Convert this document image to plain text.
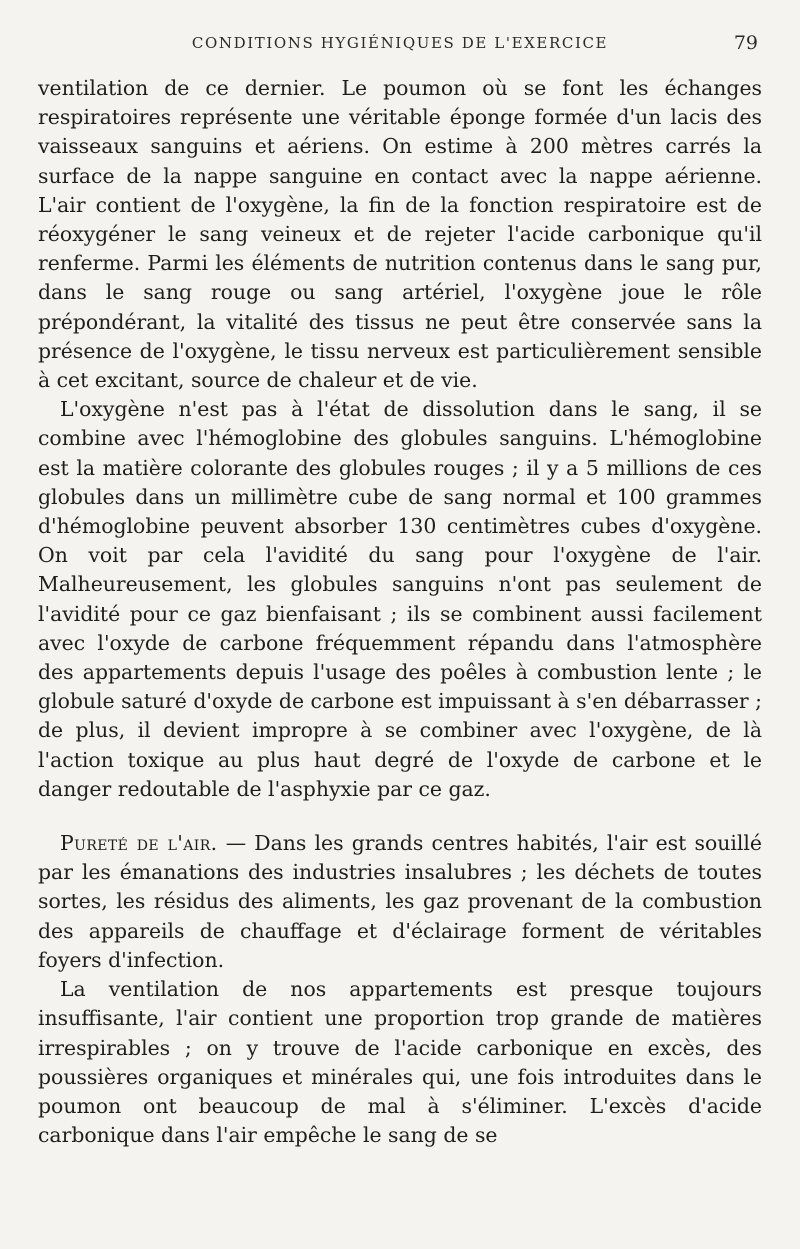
CONDITIONS HYGIÉNIQUES DE L'EXERCICE	79

ventilation de ce dernier. Le poumon où se font les échanges respiratoires représente une véritable éponge formée d'un lacis des vaisseaux sanguins et aériens. On estime à 200 mètres carrés la surface de la nappe sanguine en contact avec la nappe aérienne. L'air contient de l'oxygène, la fin de la fonction respiratoire est de réoxygéner le sang veineux et de rejeter l'acide carbonique qu'il renferme. Parmi les éléments de nutrition contenus dans le sang pur, dans le sang rouge ou sang artériel, l'oxygène joue le rôle prépondérant, la vitalité des tissus ne peut être conservée sans la présence de l'oxygène, le tissu nerveux est particulièrement sensible à cet excitant, source de chaleur et de vie.

L'oxygène n'est pas à l'état de dissolution dans le sang, il se combine avec l'hémoglobine des globules sanguins. L'hémoglobine est la matière colorante des globules rouges ; il y a 5 millions de ces globules dans un millimètre cube de sang normal et 100 grammes d'hémoglobine peuvent absorber 130 centimètres cubes d'oxygène. On voit par cela l'avidité du sang pour l'oxygène de l'air. Malheureusement, les globules sanguins n'ont pas seulement de l'avidité pour ce gaz bienfaisant ; ils se combinent aussi facilement avec l'oxyde de carbone fréquemment répandu dans l'atmosphère des appartements depuis l'usage des poêles à combustion lente ; le globule saturé d'oxyde de carbone est impuissant à s'en débarrasser ; de plus, il devient impropre à se combiner avec l'oxygène, de là l'action toxique au plus haut degré de l'oxyde de carbone et le danger redoutable de l'asphyxie par ce gaz.

Pureté de l'air. — Dans les grands centres habités, l'air est souillé par les émanations des industries insalubres ; les déchets de toutes sortes, les résidus des aliments, les gaz provenant de la combustion des appareils de chauffage et d'éclairage forment de véritables foyers d'infection.

La ventilation de nos appartements est presque toujours insuffisante, l'air contient une proportion trop grande de matières irrespirables ; on y trouve de l'acide carbonique en excès, des poussières organiques et minérales qui, une fois introduites dans le poumon ont beaucoup de mal à s'éliminer. L'excès d'acide carbonique dans l'air empêche le sang de se
